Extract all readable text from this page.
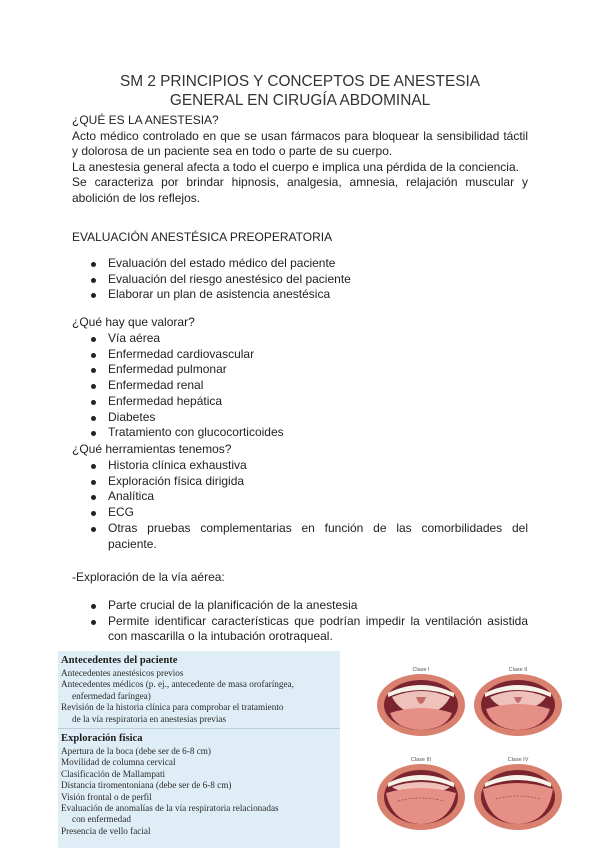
SM 2 PRINCIPIOS Y CONCEPTOS DE ANESTESIA
GENERAL EN CIRUGÍA ABDOMINAL

¿QUÉ ES LA ANESTESIA?

Acto médico controlado en que se usan fármacos para bloquear la sensibilidad táctil y dolorosa de un paciente sea en todo o parte de su cuerpo.

La anestesia general afecta a todo el cuerpo e implica una pérdida de la conciencia.

Se caracteriza por brindar hipnosis, analgesia, amnesia, relajación muscular y abolición de los reflejos.

EVALUACIÓN ANESTÉSICA PREOPERATORIA

Evaluación del estado médico del paciente
Evaluación del riesgo anestésico del paciente
Elaborar un plan de asistencia anestésica

¿Qué hay que valorar?

Vía aérea
Enfermedad cardiovascular
Enfermedad pulmonar
Enfermedad renal
Enfermedad hepática
Diabetes
Tratamiento con glucocorticoides

¿Qué herramientas tenemos?

Historia clínica exhaustiva
Exploración física dirigida
Analítica
ECG
Otras pruebas complementarias en función de las comorbilidades del paciente.

-Exploración de la vía aérea:

Parte crucial de la planificación de la anestesia
Permite identificar características que podrían impedir la ventilación asistida con mascarilla o la intubación orotraqueal.
Antecedentes del paciente
Antecedentes anestésicos previos
Antecedentes médicos (p. ej., antecedente de masa orofaríngea,
enfermedad faríngea)
Revisión de la historia clínica para comprobar el tratamiento
de la vía respiratoria en anestesias previas
Exploración física
Apertura de la boca (debe ser de 6-8 cm)
Movilidad de columna cervical
Clasificación de Mallampati
Distancia tiromentoniana (debe ser de 6-8 cm)
Visión frontal o de perfil
Evaluación de anomalías de la vía respiratoria relacionadas
con enfermedad
Presencia de vello facial
Clase I	Clase II
Clase III	Clase IV
